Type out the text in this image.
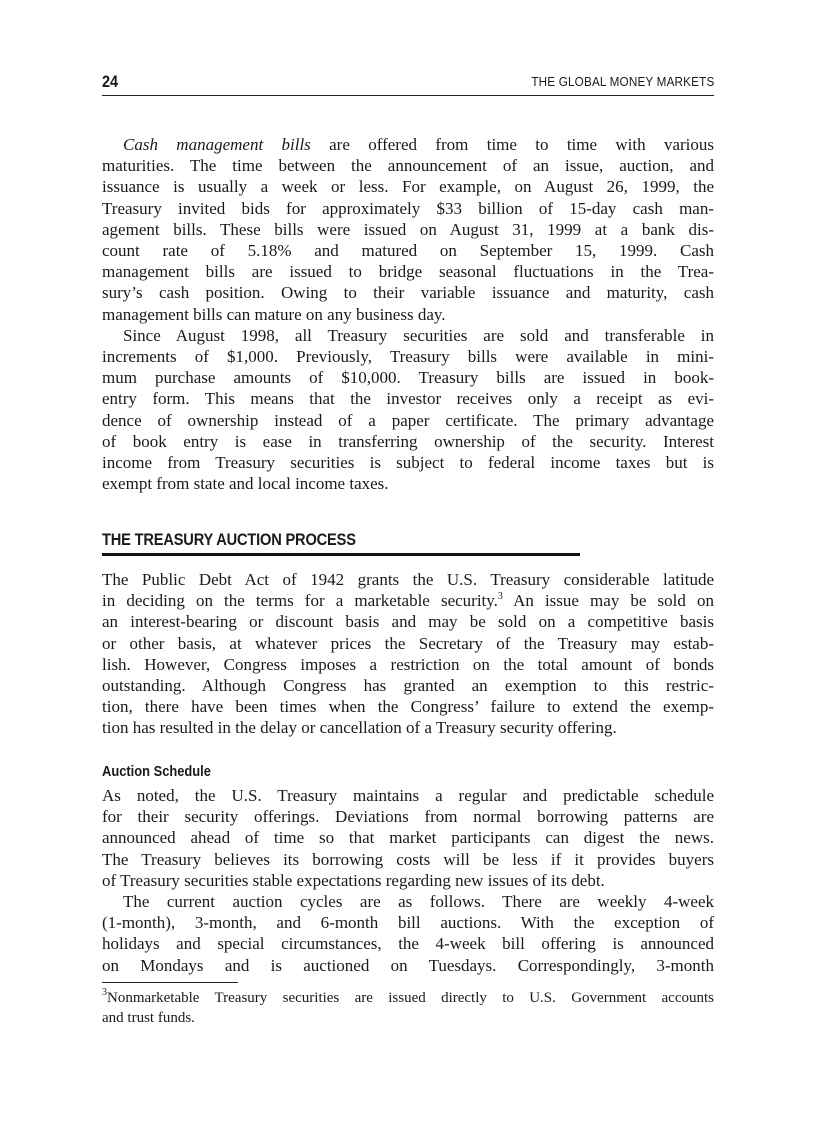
24	THE GLOBAL MONEY MARKETS
Cash management bills are offered from time to time with various
maturities. The time between the announcement of an issue, auction, and
issuance is usually a week or less. For example, on August 26, 1999, the
Treasury invited bids for approximately $33 billion of 15-day cash man-
agement bills. These bills were issued on August 31, 1999 at a bank dis-
count rate of 5.18% and matured on September 15, 1999. Cash
management bills are issued to bridge seasonal fluctuations in the Trea-
sury’s cash position. Owing to their variable issuance and maturity, cash
management bills can mature on any business day.
Since August 1998, all Treasury securities are sold and transferable in
increments of $1,000. Previously, Treasury bills were available in mini-
mum purchase amounts of $10,000. Treasury bills are issued in book-
entry form. This means that the investor receives only a receipt as evi-
dence of ownership instead of a paper certificate. The primary advantage
of book entry is ease in transferring ownership of the security. Interest
income from Treasury securities is subject to federal income taxes but is
exempt from state and local income taxes.
THE TREASURY AUCTION PROCESS
The Public Debt Act of 1942 grants the U.S. Treasury considerable latitude
in deciding on the terms for a marketable security.$^3$ An issue may be sold on
an interest-bearing or discount basis and may be sold on a competitive basis
or other basis, at whatever prices the Secretary of the Treasury may estab-
lish. However, Congress imposes a restriction on the total amount of bonds
outstanding. Although Congress has granted an exemption to this restric-
tion, there have been times when the Congress’ failure to extend the exemp-
tion has resulted in the delay or cancellation of a Treasury security offering.
Auction Schedule
As noted, the U.S. Treasury maintains a regular and predictable schedule
for their security offerings. Deviations from normal borrowing patterns are
announced ahead of time so that market participants can digest the news.
The Treasury believes its borrowing costs will be less if it provides buyers
of Treasury securities stable expectations regarding new issues of its debt.
The current auction cycles are as follows. There are weekly 4-week
(1-month), 3-month, and 6-month bill auctions. With the exception of
holidays and special circumstances, the 4-week bill offering is announced
on Mondays and is auctioned on Tuesdays. Correspondingly, 3-month
$^3$Nonmarketable Treasury securities are issued directly to U.S. Government accounts
and trust funds.
